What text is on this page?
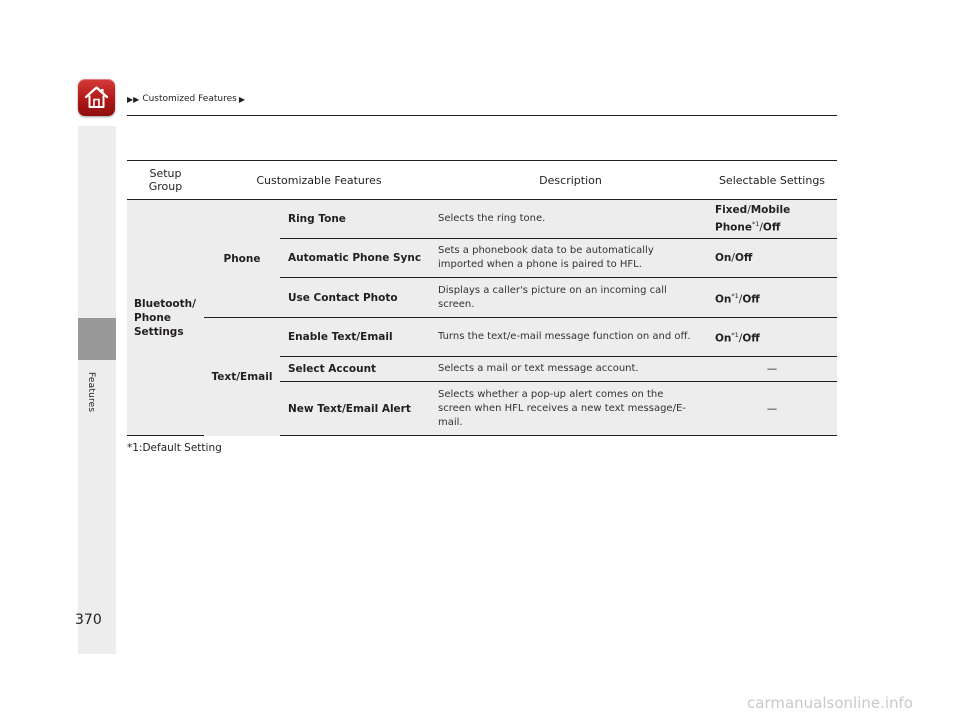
▶▶ Customized Features ▶
Features
Setup Group	Customizable Features		Description	Selectable Settings
Bluetooth/ Phone Settings	Phone	Ring Tone	Selects the ring tone.	Fixed/Mobile Phone$^{*1}$/Off
		Automatic Phone Sync	Sets a phonebook data to be automatically imported when a phone is paired to HFL.	On/Off
		Use Contact Photo	Displays a caller's picture on an incoming call screen.	On$^{*1}$/Off
	Text/Email	Enable Text/Email	Turns the text/e-mail message function on and off.	On$^{*1}$/Off
		Select Account	Selects a mail or text message account.	—
		New Text/Email Alert	Selects whether a pop-up alert comes on the screen when HFL receives a new text message/E-mail.	—
*1:Default Setting
370
carmanualsonline.info
